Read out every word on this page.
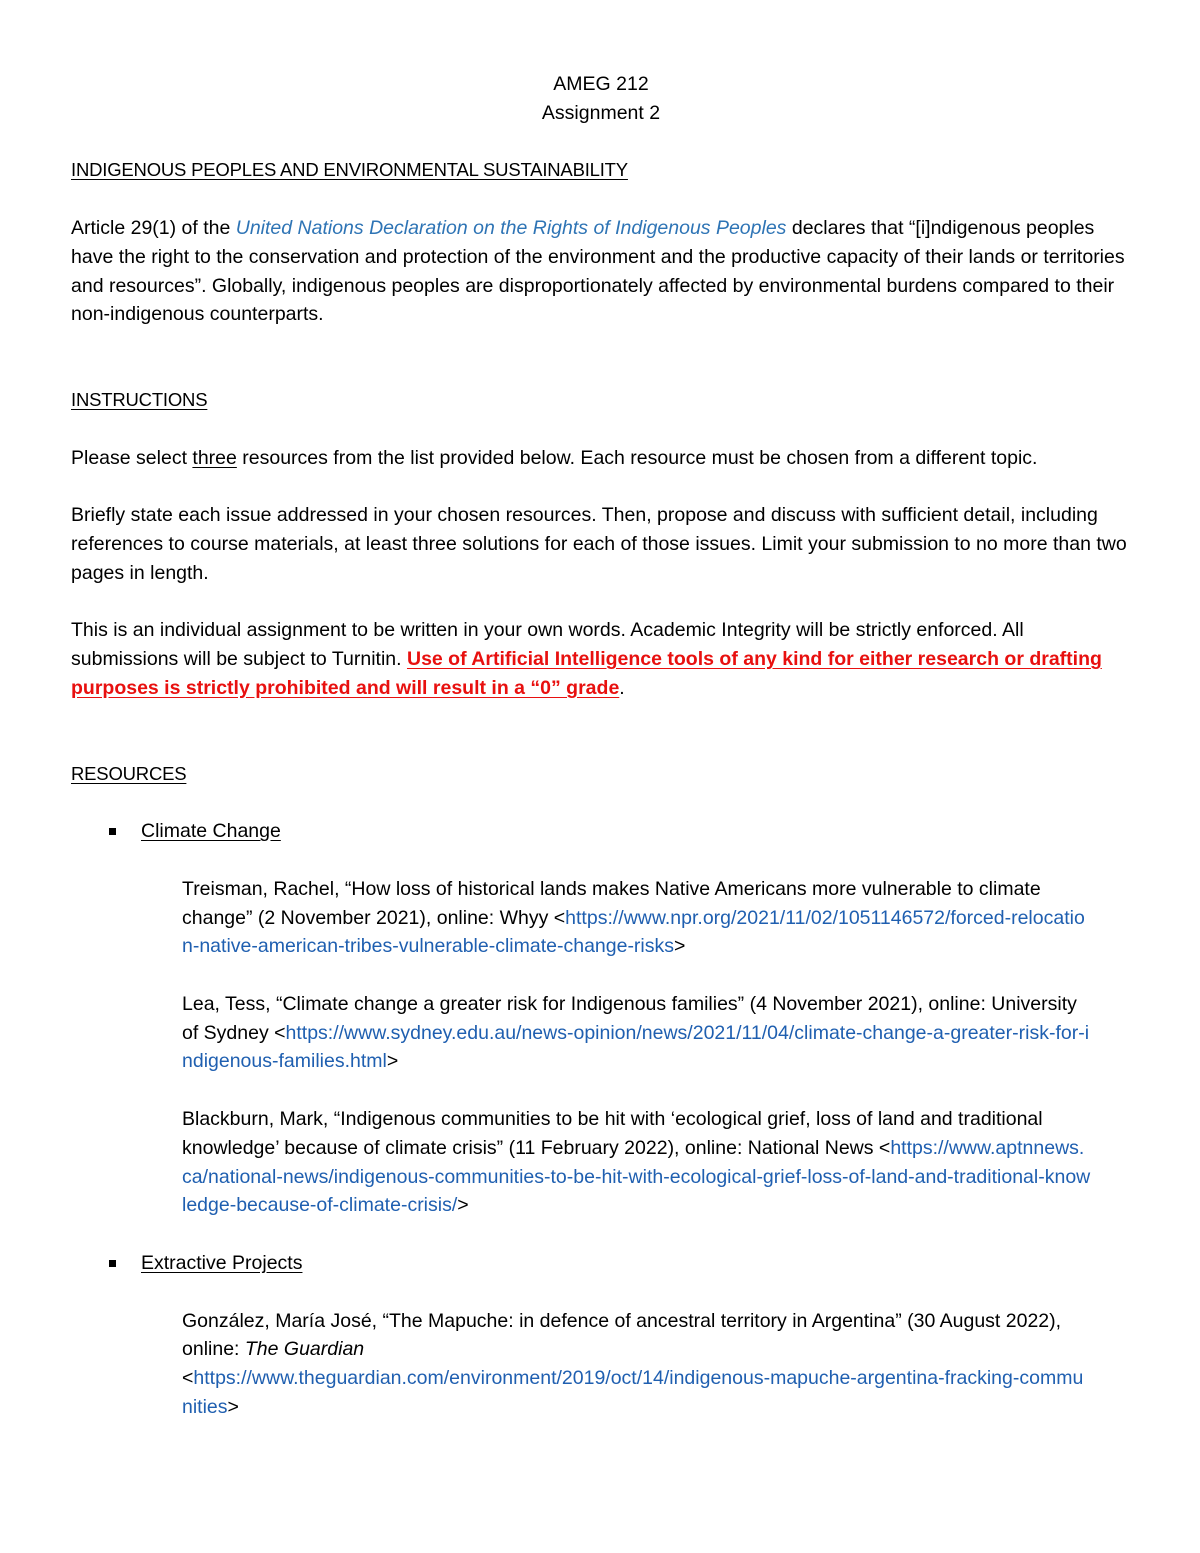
AMEG 212

Assignment 2

INDIGENOUS PEOPLES AND ENVIRONMENTAL SUSTAINABILITY

Article 29(1) of the United Nations Declaration on the Rights of Indigenous Peoples declares that “[i]ndigenous peoples have the right to the conservation and protection of the environment and the productive capacity of their lands or territories and resources”. Globally, indigenous peoples are disproportionately affected by environmental burdens compared to their non-indigenous counterparts.

INSTRUCTIONS

Please select three resources from the list provided below. Each resource must be chosen from a different topic.

Briefly state each issue addressed in your chosen resources. Then, propose and discuss with sufficient detail, including references to course materials, at least three solutions for each of those issues. Limit your submission to no more than two pages in length.

This is an individual assignment to be written in your own words. Academic Integrity will be strictly enforced. All submissions will be subject to Turnitin. Use of Artificial Intelligence tools of any kind for either research or drafting purposes is strictly prohibited and will result in a “0” grade.

RESOURCES

Climate Change

Treisman, Rachel, “How loss of historical lands makes Native Americans more vulnerable to climate change” (2 November 2021), online: Whyy <https://www.npr.org/2021/11/02/1051146572/forced-relocation-native-american-tribes-vulnerable-climate-change-risks>

Lea, Tess, “Climate change a greater risk for Indigenous families” (4 November 2021), online: University of Sydney <https://www.sydney.edu.au/news-opinion/news/2021/11/04/climate-change-a-greater-risk-for-indigenous-families.html>

Blackburn, Mark, “Indigenous communities to be hit with ‘ecological grief, loss of land and traditional knowledge’ because of climate crisis” (11 February 2022), online: National News <https://www.aptnnews.ca/national-news/indigenous-communities-to-be-hit-with-ecological-grief-loss-of-land-and-traditional-knowledge-because-of-climate-crisis/>

Extractive Projects

González, María José, “The Mapuche: in defence of ancestral territory in Argentina” (30 August 2022), online: The Guardian
<https://www.theguardian.com/environment/2019/oct/14/indigenous-mapuche-argentina-fracking-communities>
